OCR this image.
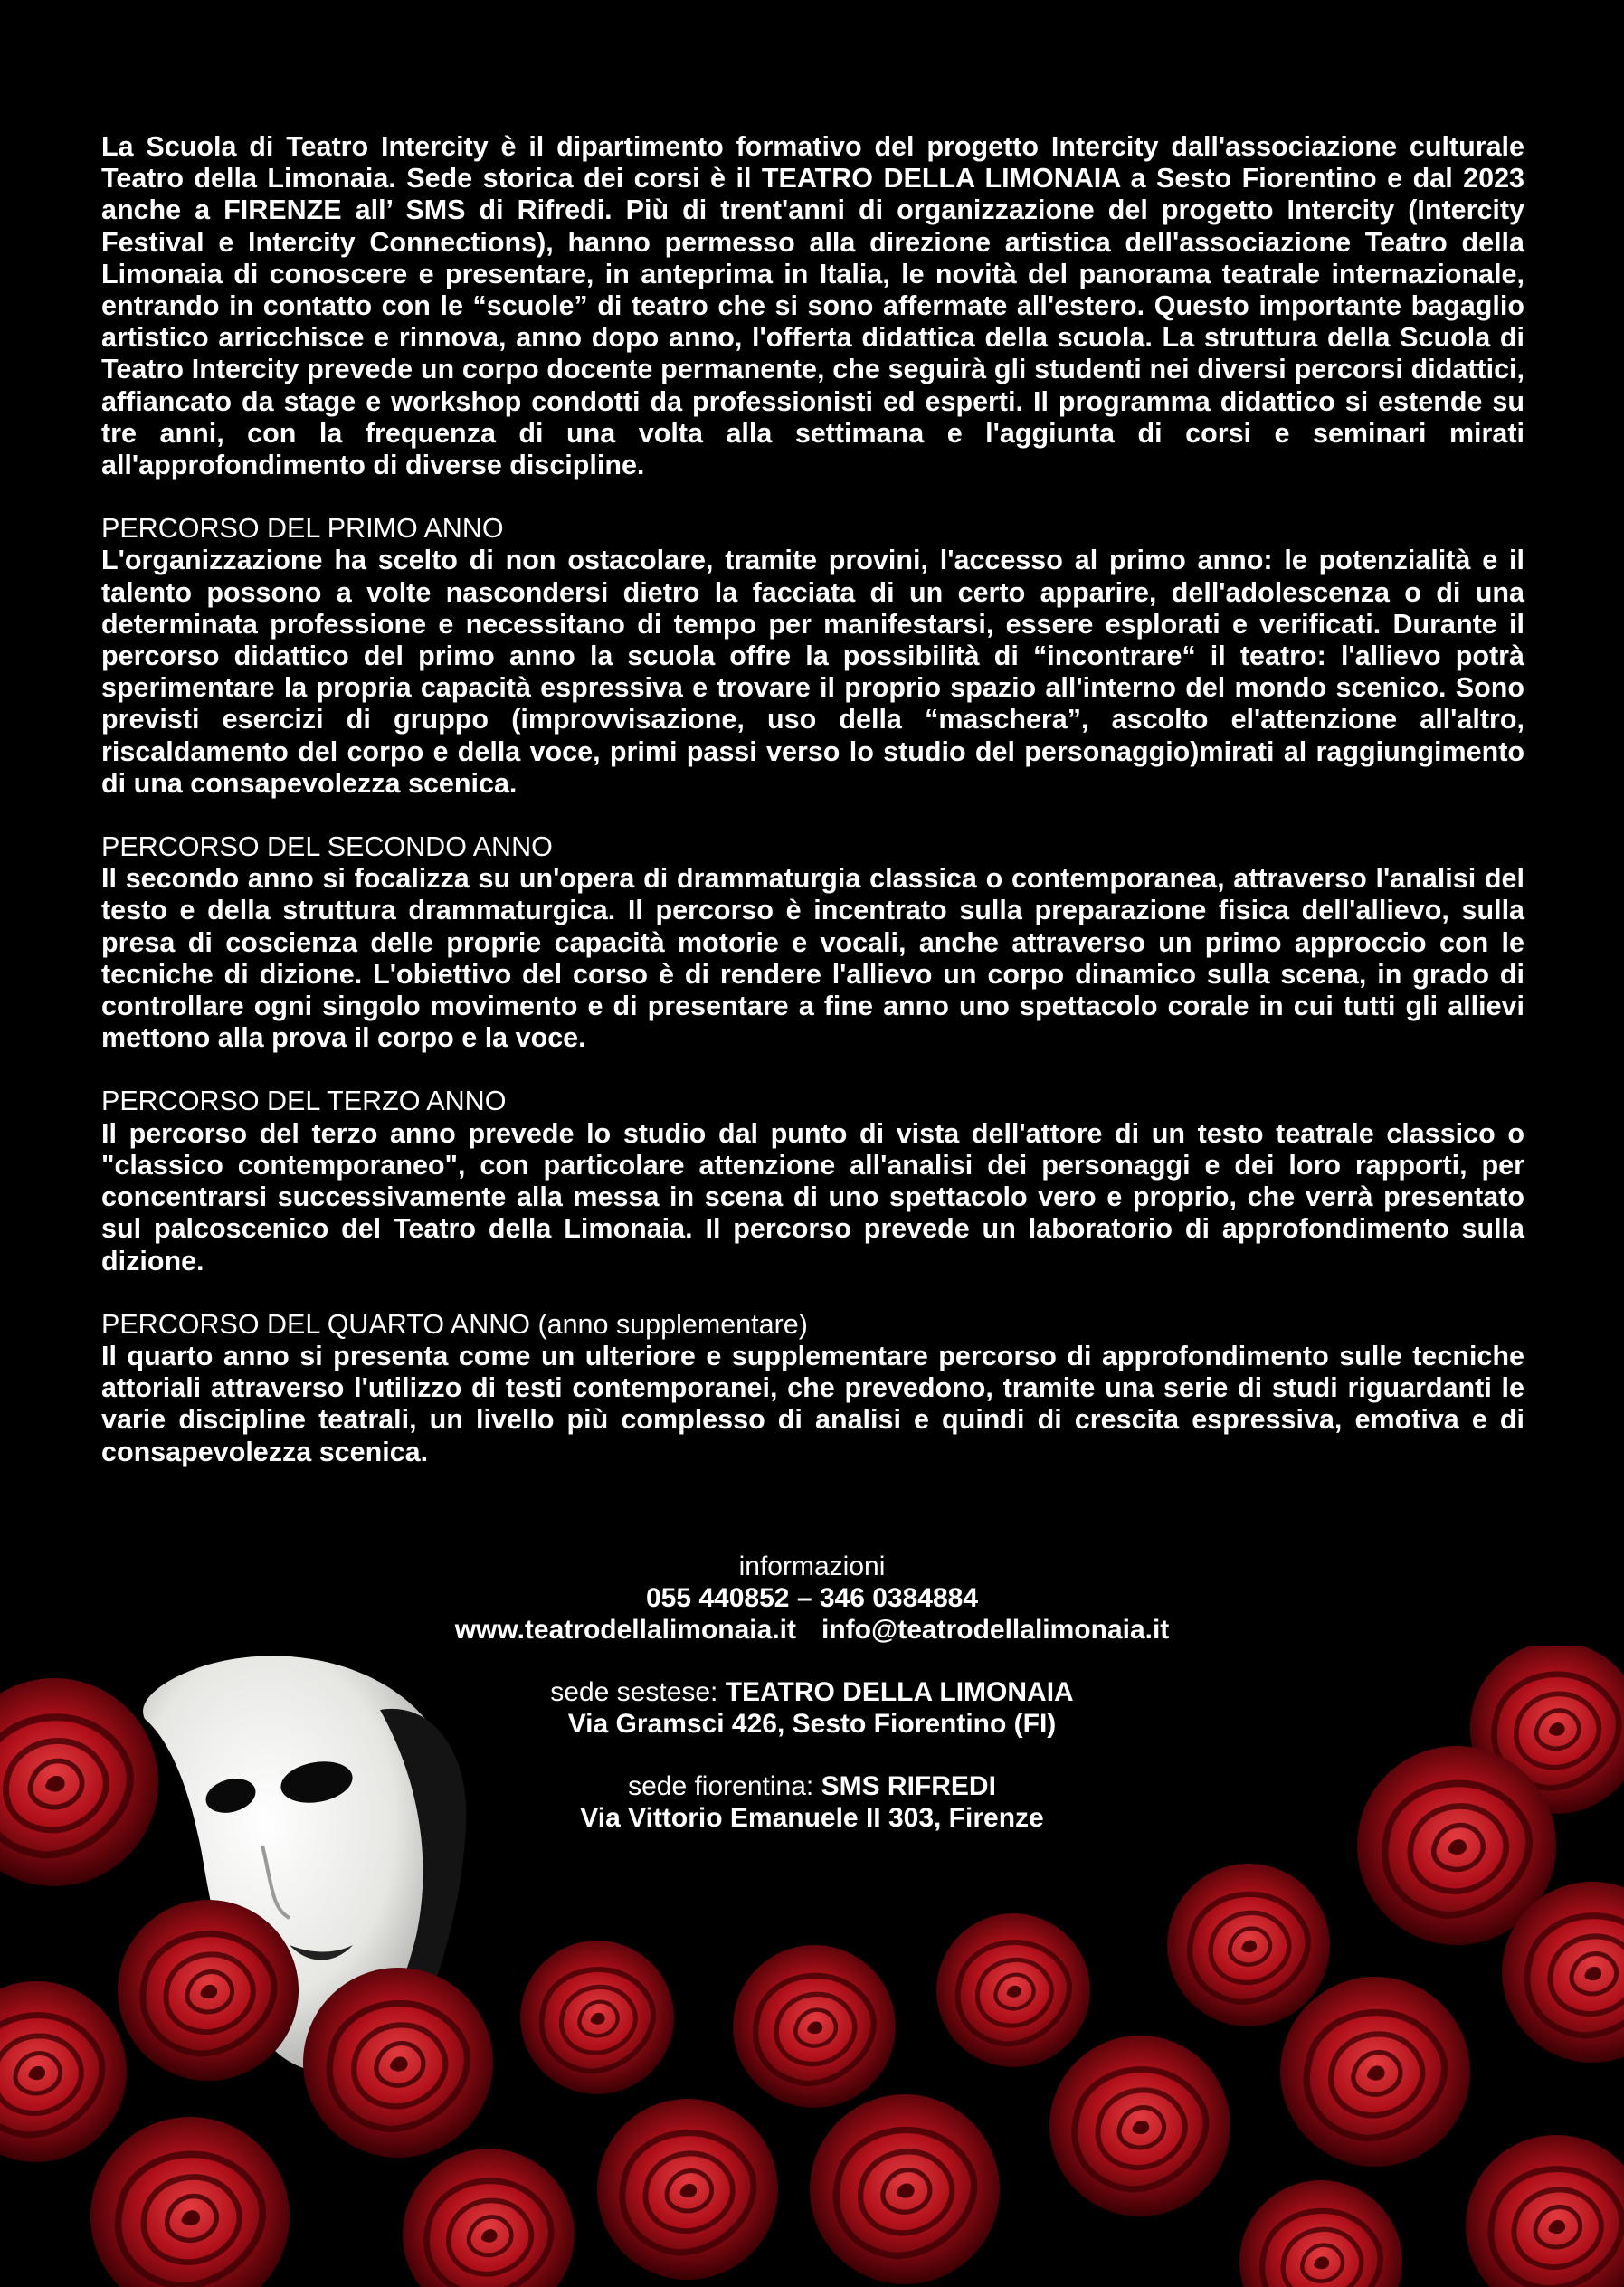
La Scuola di Teatro Intercity è il dipartimento formativo del progetto Intercity dall'associazione culturale Teatro della Limonaia. Sede storica dei corsi è il TEATRO DELLA LIMONAIA a Sesto Fiorentino e dal 2023 anche a FIRENZE all’ SMS di Rifredi. Più di trent'anni di organizzazione del progetto Intercity (Intercity Festival e Intercity Connections), hanno permesso alla direzione artistica dell'associazione Teatro della Limonaia di conoscere e presentare, in anteprima in Italia, le novità del panorama teatrale internazionale, entrando in contatto con le “scuole” di teatro che si sono affermate all'estero. Questo importante bagaglio artistico arricchisce e rinnova, anno dopo anno, l'offerta didattica della scuola. La struttura della Scuola di Teatro Intercity prevede un corpo docente permanente, che seguirà gli studenti nei diversi percorsi didattici, affiancato da stage e workshop condotti da professionisti ed esperti. Il programma didattico si estende su tre anni, con la frequenza di una volta alla settimana e l'aggiunta di corsi e seminari mirati all'approfondimento di diverse discipline.

PERCORSO DEL PRIMO ANNO

L'organizzazione ha scelto di non ostacolare, tramite provini, l'accesso al primo anno: le potenzialità e il talento possono a volte nascondersi dietro la facciata di un certo apparire, dell'adolescenza o di una determinata professione e necessitano di tempo per manifestarsi, essere esplorati e verificati. Durante il percorso didattico del primo anno la scuola offre la possibilità di “incontrare“ il teatro: l'allievo potrà sperimentare la propria capacità espressiva e trovare il proprio spazio all'interno del mondo scenico. Sono previsti esercizi di gruppo (improvvisazione, uso della “maschera”, ascolto el'attenzione all'altro, riscaldamento del corpo e della voce, primi passi verso lo studio del personaggio)mirati al raggiungimento di una consapevolezza scenica.

PERCORSO DEL SECONDO ANNO

Il secondo anno si focalizza su un'opera di drammaturgia classica o contemporanea, attraverso l'analisi del testo e della struttura drammaturgica. Il percorso è incentrato sulla preparazione fisica dell'allievo, sulla presa di coscienza delle proprie capacità motorie e vocali, anche attraverso un primo approccio con le tecniche di dizione. L'obiettivo del corso è di rendere l'allievo un corpo dinamico sulla scena, in grado di controllare ogni singolo movimento e di presentare a fine anno uno spettacolo corale in cui tutti gli allievi mettono alla prova il corpo e la voce.

PERCORSO DEL TERZO ANNO

Il percorso del terzo anno prevede lo studio dal punto di vista dell'attore di un testo teatrale classico o "classico contemporaneo", con particolare attenzione all'analisi dei personaggi e dei loro rapporti, per concentrarsi successivamente alla messa in scena di uno spettacolo vero e proprio, che verrà presentato sul palcoscenico del Teatro della Limonaia. Il percorso prevede un laboratorio di approfondimento sulla dizione.

PERCORSO DEL QUARTO ANNO (anno supplementare)

Il quarto anno si presenta come un ulteriore e supplementare percorso di approfondimento sulle tecniche attoriali attraverso l'utilizzo di testi contemporanei, che prevedono, tramite una serie di studi riguardanti le varie discipline teatrali, un livello più complesso di analisi e quindi di crescita espressiva, emotiva e di consapevolezza scenica.

informazioni
055 440852 – 346 0384884
www.teatrodellalimonaia.it info@teatrodellalimonaia.it
sede sestese: TEATRO DELLA LIMONAIA
Via Gramsci 426, Sesto Fiorentino (FI)
sede fiorentina: SMS RIFREDI
Via Vittorio Emanuele II 303, Firenze
